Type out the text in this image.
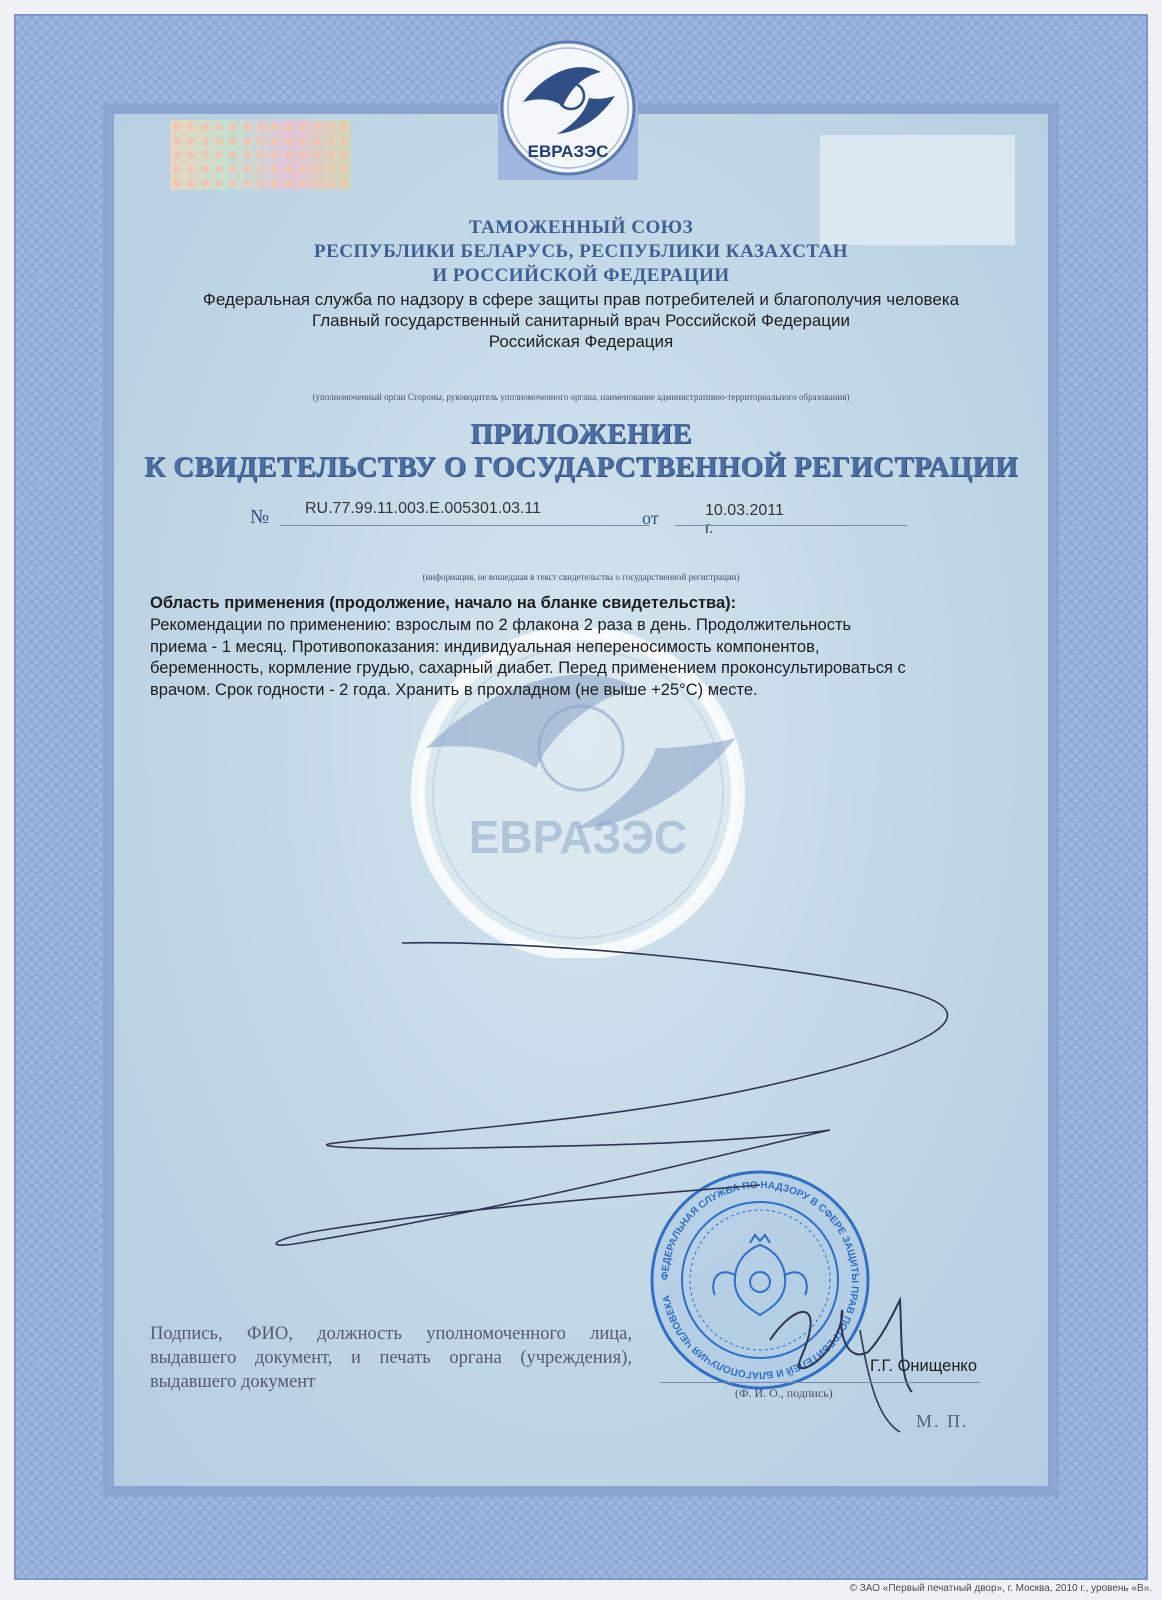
ЕВРАЗЭС
ЕВРАЗЭС
ТАМОЖЕННЫЙ СОЮЗ
РЕСПУБЛИКИ БЕЛАРУСЬ, РЕСПУБЛИКИ КАЗАХСТАН
И РОССИЙСКОЙ ФЕДЕРАЦИИ
Федеральная служба по надзору в сфере защиты прав потребителей и благополучия человека
Главный государственный санитарный врач Российской Федерации
Российская Федерация
(уполномоченный орган Стороны, руководитель уполномоченного органа, наименование административно-территориального образования)
ПРИЛОЖЕНИЕ
К СВИДЕТЕЛЬСТВУ О ГОСУДАРСТВЕННОЙ РЕГИСТРАЦИИ
№ RU.77.99.11.003.E.005301.03.11	от	10.03.2011 г.
(информация, не вошедшая в текст свидетельства о государственной регистрации)
Область применения (продолжение, начало на бланке свидетельства):

Рекомендации по применению: взрослым по 2 флакона 2 раза в день. Продолжительность

приема - 1 месяц. Противопоказания: индивидуальная непереносимость компонентов,

беременность, кормление грудью, сахарный диабет. Перед применением проконсультироваться с

врачом. Срок годности - 2 года. Хранить в прохладном (не выше +25°С) месте.

ФЕДЕРАЛЬНАЯ СЛУЖБА ПО НАДЗОРУ В СФЕРЕ ЗАЩИТЫ ПРАВ ПОТРЕБИТЕЛЕЙ И БЛАГОПОЛУЧИЯ ЧЕЛОВЕКА
Подпись, ФИО, должность уполномоченного лица, выдавшего документ, и печать органа (учреждения), выдавшего документ
Г.Г. Онищенко
(Ф. И. О., подпись)
М. П.
© ЗАО «Первый печатный двор», г. Москва, 2010 г., уровень «В».
